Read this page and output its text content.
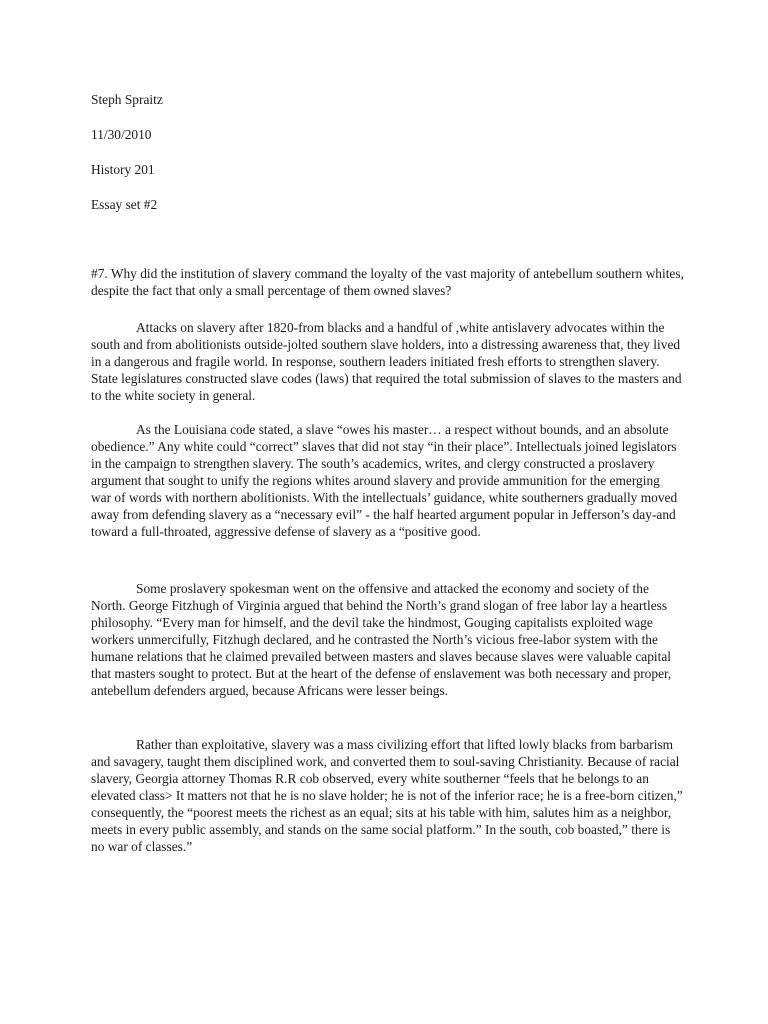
Steph Spraitz

11/30/2010

History 201

Essay set #2

#7. Why did the institution of slavery command the loyalty of the vast majority of antebellum southern whites, despite the fact that only a small percentage of them owned slaves?

Attacks on slavery after 1820-from blacks and a handful of ,white antislavery advocates within the south and from abolitionists outside-jolted southern slave holders, into a distressing awareness that, they lived in a dangerous and fragile world. In response, southern leaders initiated fresh efforts to strengthen slavery. State legislatures constructed slave codes (laws) that required the total submission of slaves to the masters and to the white society in general.

As the Louisiana code stated, a slave “owes his master… a respect without bounds, and an absolute obedience.” Any white could “correct” slaves that did not stay “in their place”. Intellectuals joined legislators in the campaign to strengthen slavery. The south’s academics, writes, and clergy constructed a proslavery argument that sought to unify the regions whites around slavery and provide ammunition for the emerging war of words with northern abolitionists. With the intellectuals’ guidance, white southerners gradually moved away from defending slavery as a “necessary evil” - the half hearted argument popular in Jefferson’s day-and toward a full-throated, aggressive defense of slavery as a “positive good.

Some proslavery spokesman went on the offensive and attacked the economy and society of the North. George Fitzhugh of Virginia argued that behind the North’s grand slogan of free labor lay a heartless philosophy. “Every man for himself, and the devil take the hindmost, Gouging capitalists exploited wage workers unmercifully, Fitzhugh declared, and he contrasted the North’s vicious free-labor system with the humane relations that he claimed prevailed between masters and slaves because slaves were valuable capital that masters sought to protect. But at the heart of the defense of enslavement was both necessary and proper, antebellum defenders argued, because Africans were lesser beings.

Rather than exploitative, slavery was a mass civilizing effort that lifted lowly blacks from barbarism and savagery, taught them disciplined work, and converted them to soul-saving Christianity. Because of racial slavery, Georgia attorney Thomas R.R cob observed, every white southerner “feels that he belongs to an elevated class> It matters not that he is no slave holder; he is not of the inferior race; he is a free-born citizen,” consequently, the “poorest meets the richest as an equal; sits at his table with him, salutes him as a neighbor, meets in every public assembly, and stands on the same social platform.” In the south, cob boasted,” there is no war of classes.”
